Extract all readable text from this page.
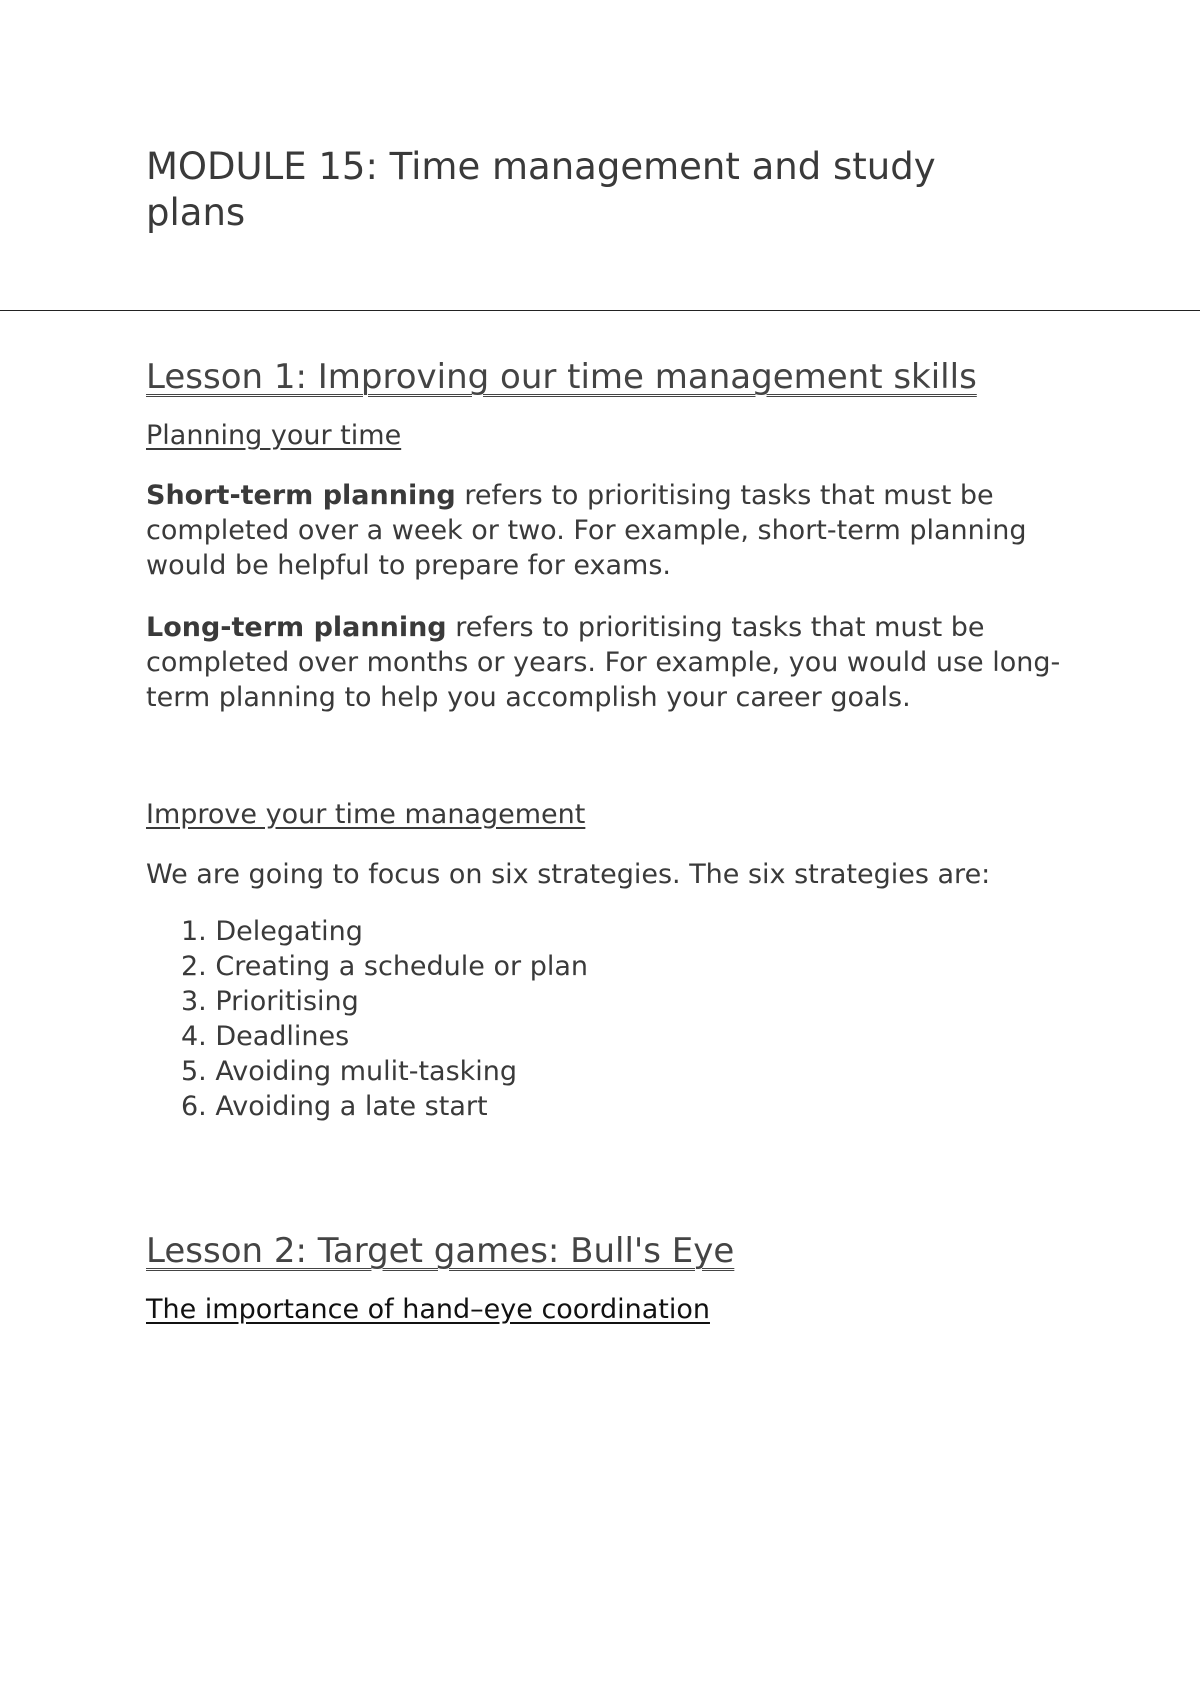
MODULE 15: Time management and study plans
Lesson 1: Improving our time management skills
Planning your time

Short-term planning refers to prioritising tasks that must be completed over a week or two. For example, short-term planning would be helpful to prepare for exams.

Long-term planning refers to prioritising tasks that must be completed over months or years. For example, you would use long-term planning to help you accomplish your career goals.

Improve your time management

We are going to focus on six strategies. The six strategies are:

1. Delegating
2. Creating a schedule or plan
3. Prioritising
4. Deadlines
5. Avoiding mulit-tasking
6. Avoiding a late start
Lesson 2: Target games: Bull's Eye
The importance of hand–eye coordination
